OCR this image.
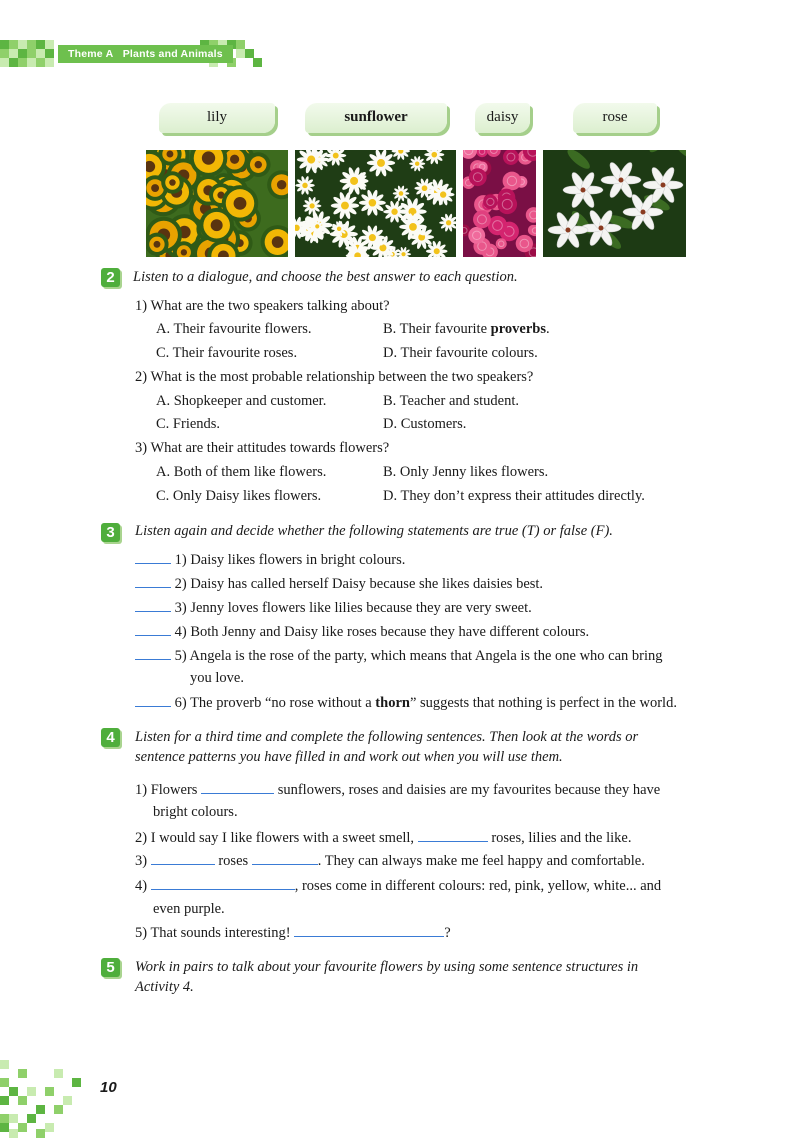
Theme A Plants and Animals
lily	sunflower	daisy	rose
2	Listen to a dialogue, and choose the best answer to each question.
1) What are the two speakers talking about?
A. Their favourite flowers.	B. Their favourite proverbs.
C. Their favourite roses.	D. Their favourite colours.
2) What is the most probable relationship between the two speakers?
A. Shopkeeper and customer.	B. Teacher and student.
C. Friends.	D. Customers.
3) What are their attitudes towards flowers?
A. Both of them like flowers.	B. Only Jenny likes flowers.
C. Only Daisy likes flowers.	D. They don’t express their attitudes directly.
3	Listen again and decide whether the following statements are true (T) or false (F).
1) Daisy likes flowers in bright colours.
2) Daisy has called herself Daisy because she likes daisies best.
3) Jenny loves flowers like lilies because they are very sweet.
4) Both Jenny and Daisy like roses because they have different colours.
5) Angela is the rose of the party, which means that Angela is the one who can bring
you love.
6) The proverb “no rose without a thorn” suggests that nothing is perfect in the world.
4	Listen for a third time and complete the following sentences. Then look at the words or
sentence patterns you have filled in and work out when you will use them.
1) Flowers	sunflowers, roses and daisies are my favourites because they have
bright colours.
2) I would say I like flowers with a sweet smell,	roses, lilies and the like.
3)	roses	. They can always make me feel happy and comfortable.
4)	, roses come in different colours: red, pink, yellow, white... and
even purple.
5) That sounds interesting!	?
5	Work in pairs to talk about your favourite flowers by using some sentence structures in
Activity 4.
10
